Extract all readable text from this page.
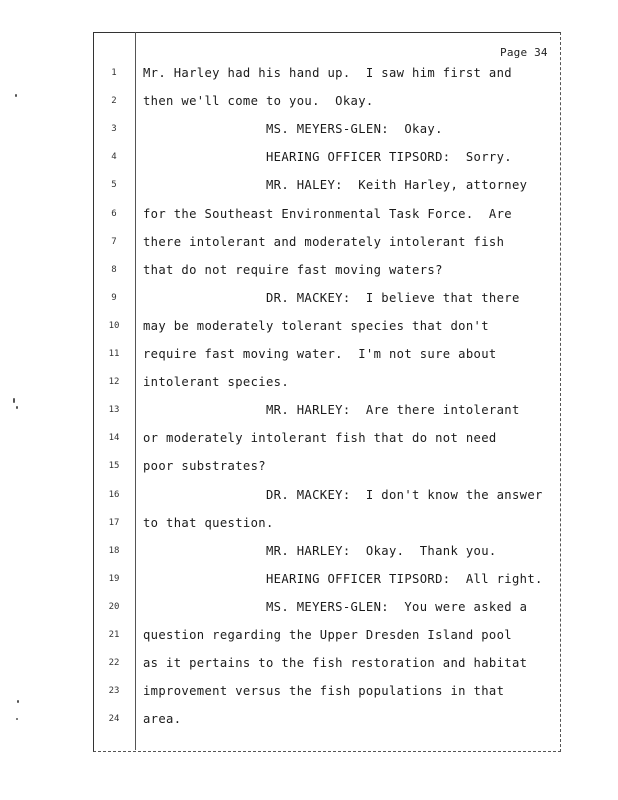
Page 34
1	Mr. Harley had his hand up.  I saw him first and
2	then we'll come to you.  Okay.
3	MS. MEYERS-GLEN:  Okay.
4	HEARING OFFICER TIPSORD:  Sorry.
5	MR. HALEY:  Keith Harley, attorney
6	for the Southeast Environmental Task Force.  Are
7	there intolerant and moderately intolerant fish
8	that do not require fast moving waters?
9	DR. MACKEY:  I believe that there
10	may be moderately tolerant species that don't
11	require fast moving water.  I'm not sure about
12	intolerant species.
13	MR. HARLEY:  Are there intolerant
14	or moderately intolerant fish that do not need
15	poor substrates?
16	DR. MACKEY:  I don't know the answer
17	to that question.
18	MR. HARLEY:  Okay.  Thank you.
19	HEARING OFFICER TIPSORD:  All right.
20	MS. MEYERS-GLEN:  You were asked a
21	question regarding the Upper Dresden Island pool
22	as it pertains to the fish restoration and habitat
23	improvement versus the fish populations in that
24	area.
